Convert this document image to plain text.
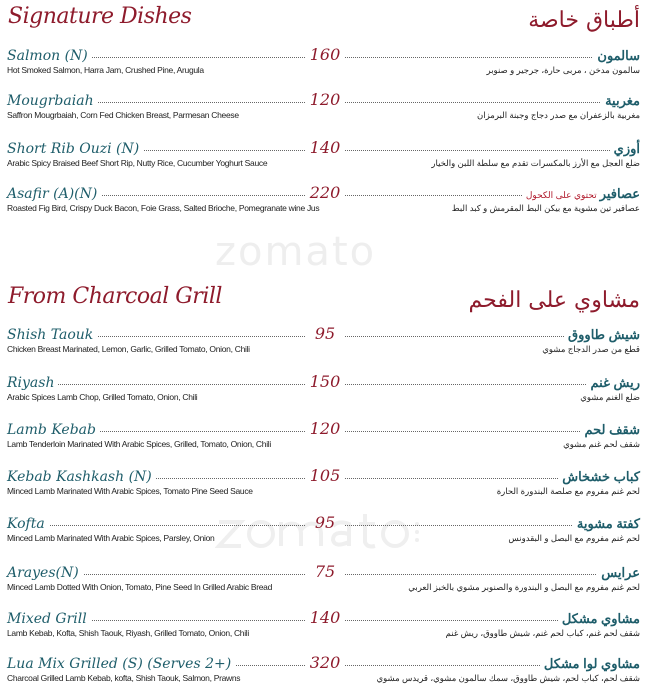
zomato
Signature Dishes	أطباق خاصة
From Charcoal Grill	مشاوي على الفحم
Salmon (N)	160	سالمون
Hot Smoked Salmon, Harra Jam, Crushed Pine, Arugula	سالمون مدخن ، مربى حارة، جرجير و صنوبر
Mougrbaiah	120	مغربية
Saffron Mougrbaiah, Corn Fed Chicken Breast, Parmesan Cheese	مغربية بالزعفران مع صدر دجاج وجبنة البرمزان
Short Rib Ouzi (N)	140	أوزي
Arabic Spicy Braised Beef Short Rip, Nutty Rice, Cucumber Yoghurt Sauce	ضلع العجل مع الأرز بالمكسرات تقدم مع سلطة اللبن والخيار
Asafir (A)(N)	220	عصافيرتحتوي على الكحول
Roasted Fig Bird, Crispy Duck Bacon, Foie Grass, Salted Brioche, Pomegranate wine Jus	عصافير تين مشوية مع بيكن البط المقرمش و كبد البط
Shish Taouk	95	شيش طاووق
Chicken Breast Marinated, Lemon, Garlic, Grilled Tomato, Onion, Chili	قطع من صدر الدجاج مشوي
Riyash	150	ريش غنم
Arabic Spices Lamb Chop, Grilled Tomato, Onion, Chili	ضلع الغنم مشوي
Lamb Kebab	120	شقف لحم
Lamb Tenderloin Marinated With Arabic Spices, Grilled, Tomato, Onion, Chili	شقف لحم غنم مشوي
Kebab Kashkash (N)	105	كباب خشخاش
Minced Lamb Marinated With Arabic Spices, Tomato Pine Seed Sauce	لحم غنم مفروم مع صلصة البندورة الحارة
Kofta	95	كفتة مشوية
Minced Lamb Marinated With Arabic Spices, Parsley, Onion	لحم غنم مفروم مع البصل و البقدونس
Arayes(N)	75	عرايس
Minced Lamb Dotted With Onion, Tomato, Pine Seed In Grilled Arabic Bread	لحم غنم مفروم مع البصل و البندورة والصنوبر مشوي بالخبز العربي
Mixed Grill	140	مشاوي مشكل
Lamb Kebab, Kofta, Shish Taouk, Riyash, Grilled Tomato, Onion, Chili	شقف لحم غنم، كباب لحم غنم، شيش طاووق، ريش غنم
Lua Mix Grilled (S) (Serves 2+)	320	مشاوي لوا مشكل
Charcoal Grilled Lamb Kebab, kofta, Shish Taouk, Salmon, Prawns	شقف لحم، كباب لحم، شيش طاووق، سمك سالمون مشوي، قريدس مشوي
